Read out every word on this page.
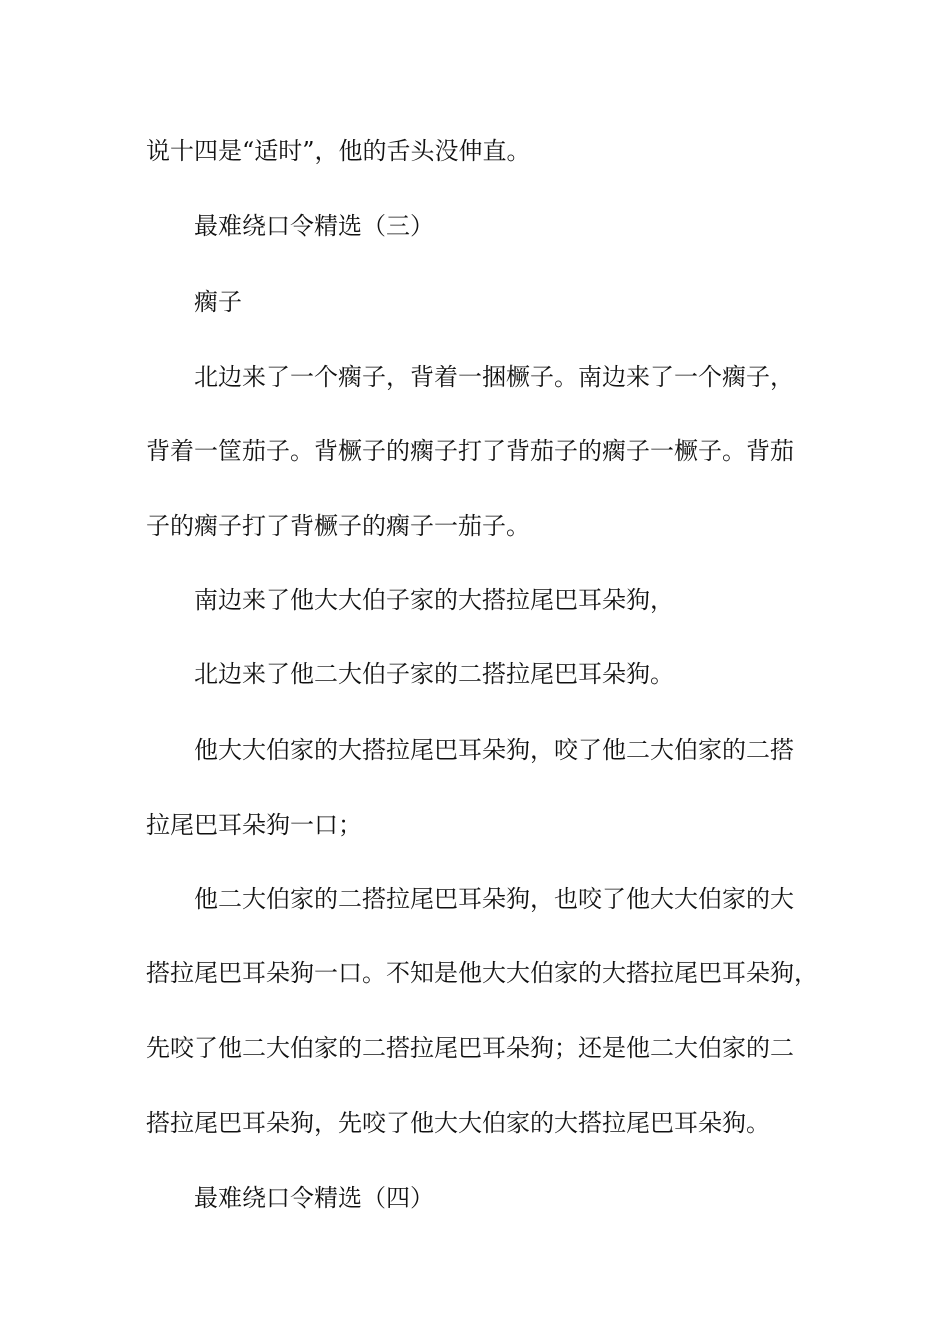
说十四是“适时”，他的舌头没伸直。
最难绕口令精选（三）
瘸子
北边来了一个瘸子，背着一捆橛子。南边来了一个瘸子，
背着一筐茄子。背橛子的瘸子打了背茄子的瘸子一橛子。背茄
子的瘸子打了背橛子的瘸子一茄子。
南边来了他大大伯子家的大搭拉尾巴耳朵狗，
北边来了他二大伯子家的二搭拉尾巴耳朵狗。
他大大伯家的大搭拉尾巴耳朵狗，咬了他二大伯家的二搭
拉尾巴耳朵狗一口；
他二大伯家的二搭拉尾巴耳朵狗，也咬了他大大伯家的大
搭拉尾巴耳朵狗一口。不知是他大大伯家的大搭拉尾巴耳朵狗，
先咬了他二大伯家的二搭拉尾巴耳朵狗；还是他二大伯家的二
搭拉尾巴耳朵狗，先咬了他大大伯家的大搭拉尾巴耳朵狗。
最难绕口令精选（四）
